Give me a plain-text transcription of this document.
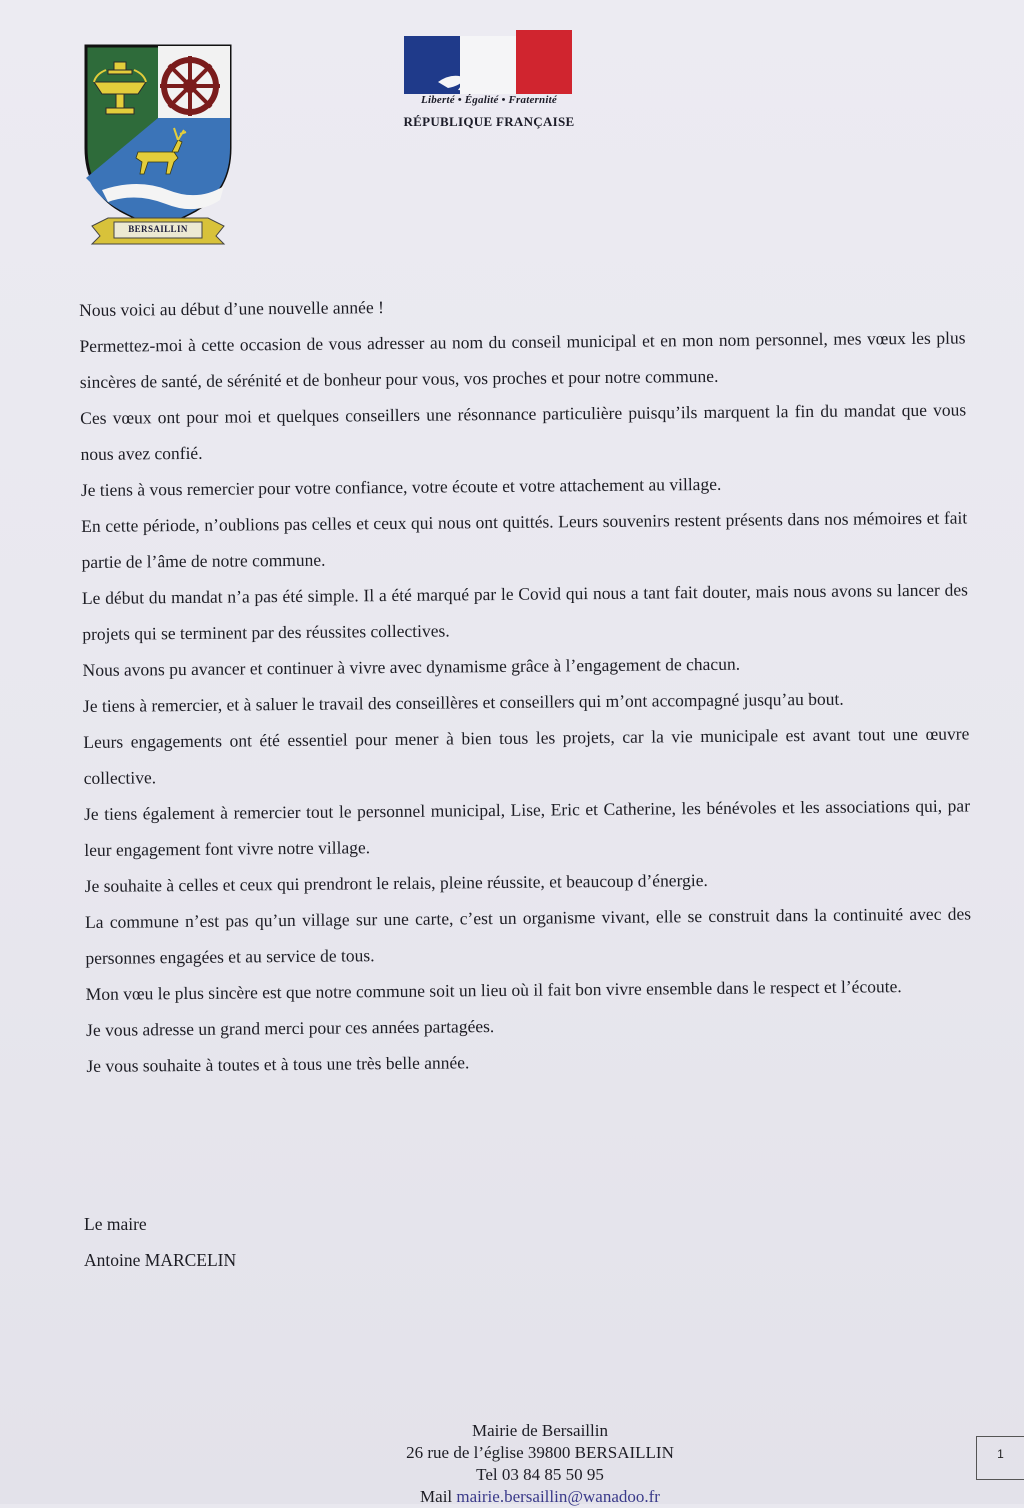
BERSAILLIN
Liberté • Égalité • Fraternité
RÉPUBLIQUE FRANÇAISE

Nous voici au début d’une nouvelle année !

Permettez-moi à cette occasion de vous adresser au nom du conseil municipal et en mon nom personnel, mes vœux les plus sincères de santé, de sérénité et de bonheur pour vous, vos proches et pour notre commune.

Ces vœux ont pour moi et quelques conseillers une résonnance particulière puisqu’ils marquent la fin du mandat que vous nous avez confié.

Je tiens à vous remercier pour votre confiance, votre écoute et votre attachement au village.

En cette période, n’oublions pas celles et ceux qui nous ont quittés. Leurs souvenirs restent présents dans nos mémoires et fait partie de l’âme de notre commune.

Le début du mandat n’a pas été simple. Il a été marqué par le Covid qui nous a tant fait douter, mais nous avons su lancer des projets qui se terminent par des réussites collectives.

Nous avons pu avancer et continuer à vivre avec dynamisme grâce à l’engagement de chacun.

Je tiens à remercier, et à saluer le travail des conseillères et conseillers qui m’ont accompagné jusqu’au bout.

Leurs engagements ont été essentiel pour mener à bien tous les projets, car la vie municipale est avant tout une œuvre collective.

Je tiens également à remercier tout le personnel municipal, Lise, Eric et Catherine, les bénévoles et les associations qui, par leur engagement font vivre notre village.

Je souhaite à celles et ceux qui prendront le relais, pleine réussite, et beaucoup d’énergie.

La commune n’est pas qu’un village sur une carte, c’est un organisme vivant, elle se construit dans la continuité avec des personnes engagées et au service de tous.

Mon vœu le plus sincère est que notre commune soit un lieu où il fait bon vivre ensemble dans le respect et l’écoute.

Je vous adresse un grand merci pour ces années partagées.

Je vous souhaite à toutes et à tous une très belle année.

Le maire
Antoine MARCELIN
Mairie de Bersaillin
26 rue de l’église 39800 BERSAILLIN
Tel 03 84 85 50 95
Mail mairie.bersaillin@wanadoo.fr
1
